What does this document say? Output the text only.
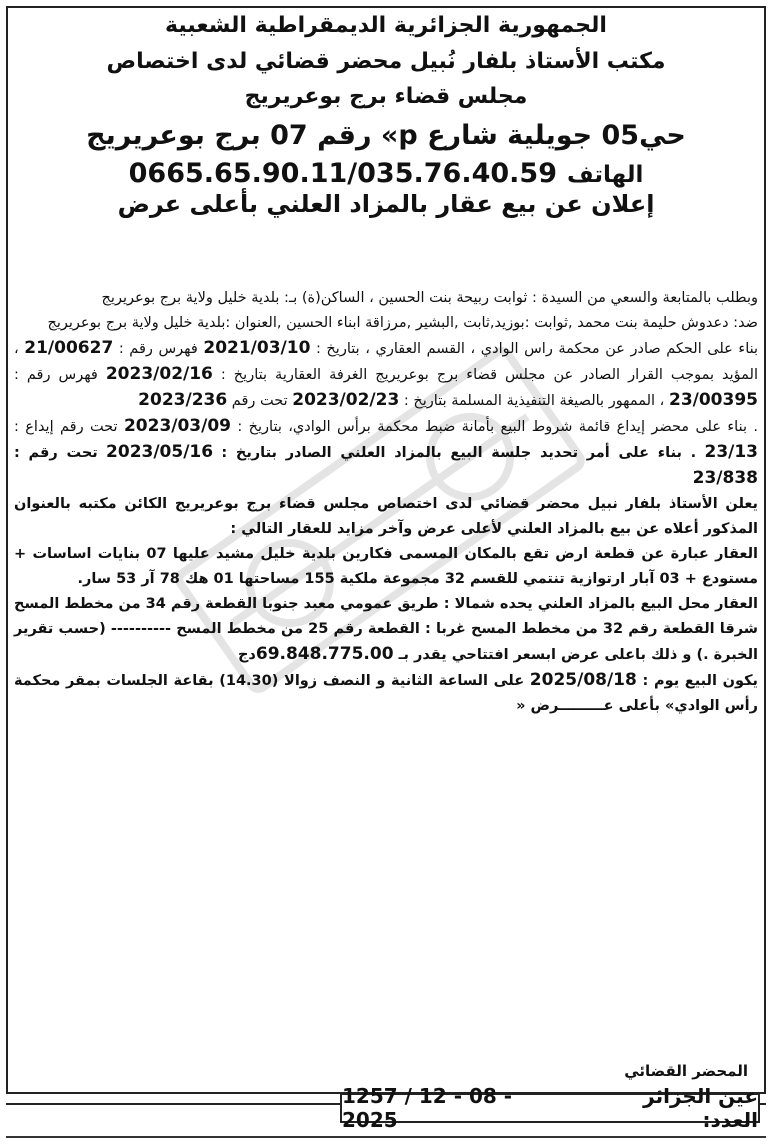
الجمهورية الجزائرية الديمقراطية الشعبية

مكتب الأستاذ بلفار نُبيل محضر قضائي لدى اختصاص

مجلس قضاء برج بوعريريج

حي05 جويلية شارع p» رقم 07 برج بوعريريج

الهاتف
0665.65.90.11/035.76.40.59

إعلان عن بيع عقار بالمزاد العلني بأعلى عرض

وبطلب بالمتابعة والسعي من السيدة : ثوابت ربيحة بنت الحسين ، الساكن(ة) بـ: بلدية خليل ولاية برج بوعريريج

ضد: دعدوش حليمة بنت محمد ,ثوابت :بوزيد,ثابت ,البشير ,مرزاقة ابناء الحسين ,العنوان :بلدية خليل ولاية برج بوعريريج

بناء على الحكم صادر عن محكمة راس الوادي ، القسم العقاري ، بتاريخ : 2021/03/10 فهرس رقم : 21/00627 ، المؤيد بموجب القرار الصادر عن مجلس قضاء برج بوعريريج الغرفة العقارية بتاريخ : 2023/02/16 فهرس رقم : 23/00395 ، الممهور بالصيغة التنفيذية المسلمة بتاريخ : 2023/02/23 تحت رقم 2023/236

. بناء على محضر إيداع قائمة شروط البيع بأمانة ضبط محكمة برأس الوادي، بتاريخ : 2023/03/09 تحت رقم إيداع : 23/13 . بناء على أمر تحديد جلسة البيع بالمزاد العلني الصادر بتاريخ : 2023/05/16 تحت رقم : 23/838

يعلن الأستاذ بلفار نبيل محضر قضائي لدى اختصاص مجلس قضاء برج بوعريريج الكائن مكتبه بالعنوان المذكور أعلاه عن بيع بالمزاد العلني لأعلى عرض وآخر مزايد للعقار التالي :

العقار عبارة عن قطعة ارض تقع بالمكان المسمى فكارين بلدية خليل مشيد عليها 07 بنايات اساسات + مستودع + 03 آبار ارتوازية تنتمي للقسم 32 مجموعة ملكية 155 مساحتها 01 هك 78 آر 53 سار.

العقار محل البيع بالمزاد العلني يحده شمالا : طريق عمومي معبد جنوبا القطعة رقم 34 من مخطط المسح شرقا القطعة رقم 32 من مخطط المسح غربا : القطعة رقم 25 من مخطط المسح ---------- (حسب تقرير الخبرة .) و ذلك باعلى عرض ابسعر افتتاحي يقدر بـ 69.848.775.00دج

يكون البيع يوم : 2025/08/18 على الساعة الثانية و النصف زوالا (14.30) بقاعة الجلسات بمقر محكمة رأس الوادي» بأعلى عـــــــــرض «

المحضر القضائي
عين الجزائر العدد:
1257 / 12 - 08 - 2025
